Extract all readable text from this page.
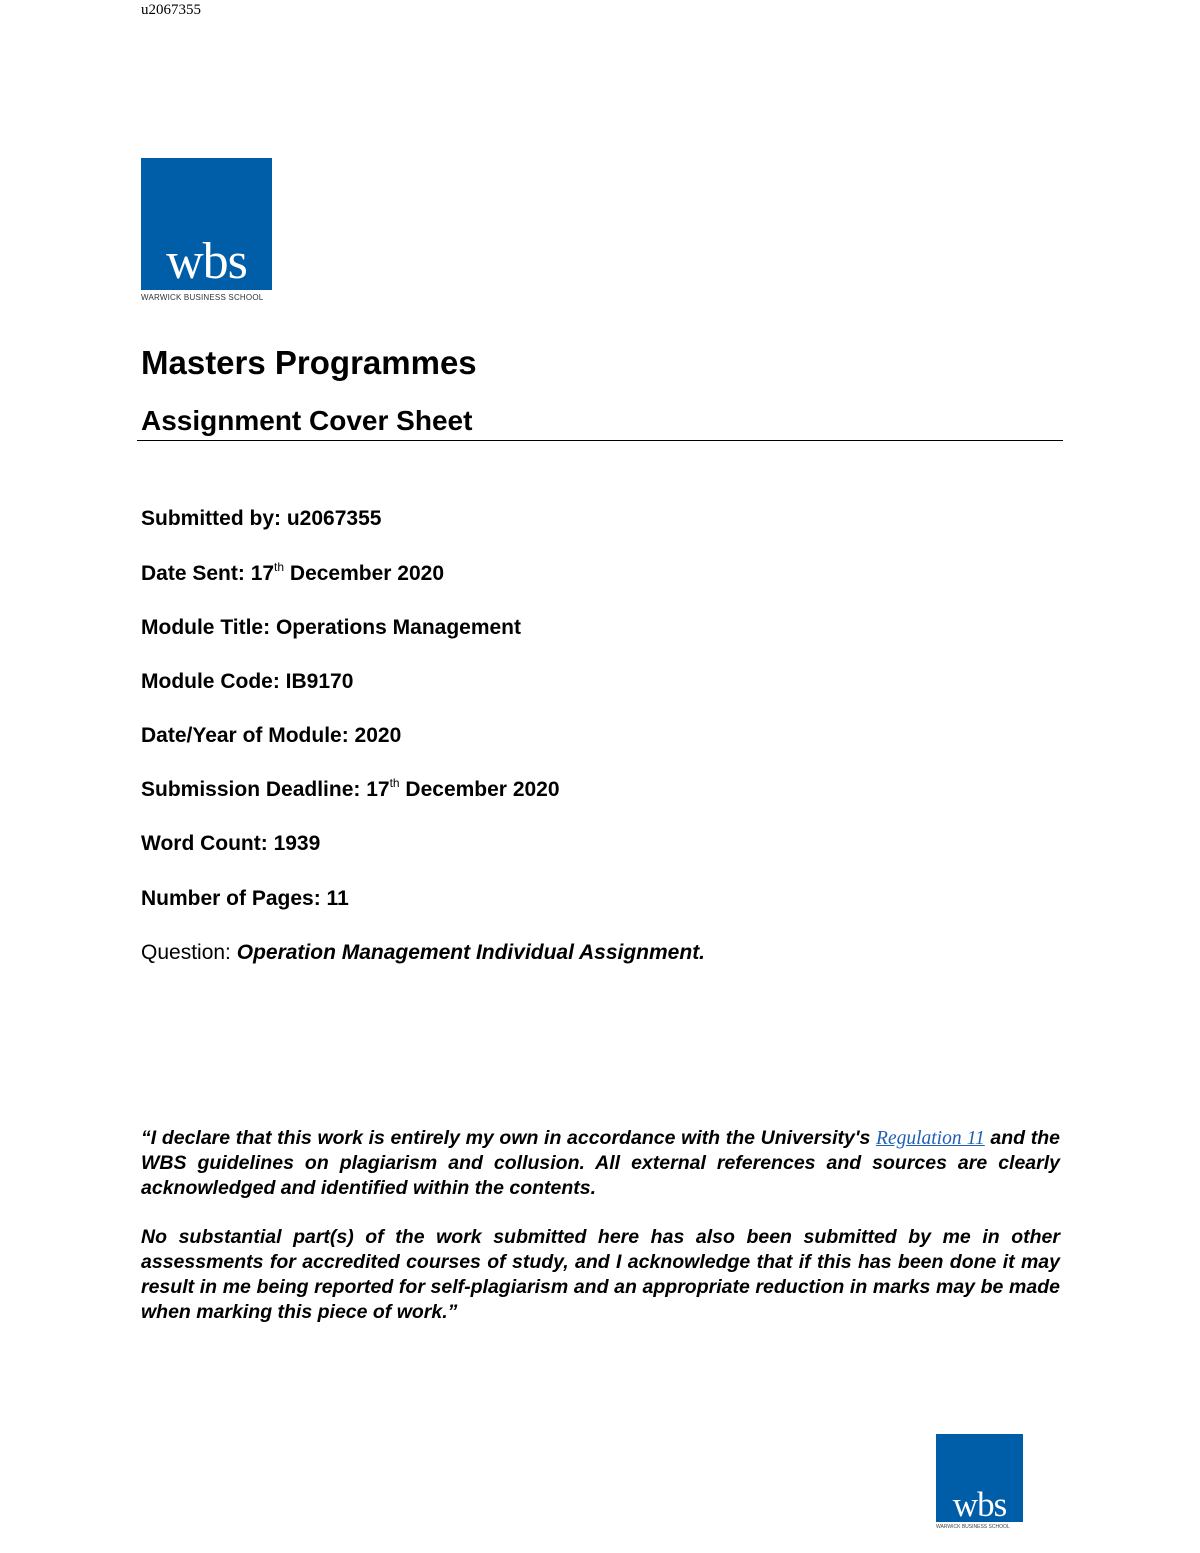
u2067355
wbs
WARWICK BUSINESS SCHOOL
Masters Programmes
Assignment Cover Sheet
Submitted by: u2067355
Date Sent: 17th December 2020
Module Title: Operations Management
Module Code: IB9170
Date/Year of Module: 2020
Submission Deadline: 17th December 2020
Word Count: 1939
Number of Pages: 11
Question: Operation Management Individual Assignment.
“I declare that this work is entirely my own in accordance with the University's Regulation 11 and the WBS guidelines on plagiarism and collusion. All external references and sources are clearly acknowledged and identified within the contents.
No substantial part(s) of the work submitted here has also been submitted by me in other assessments for accredited courses of study, and I acknowledge that if this has been done it may result in me being reported for self-plagiarism and an appropriate reduction in marks may be made when marking this piece of work.”
wbs
WARWICK BUSINESS SCHOOL
